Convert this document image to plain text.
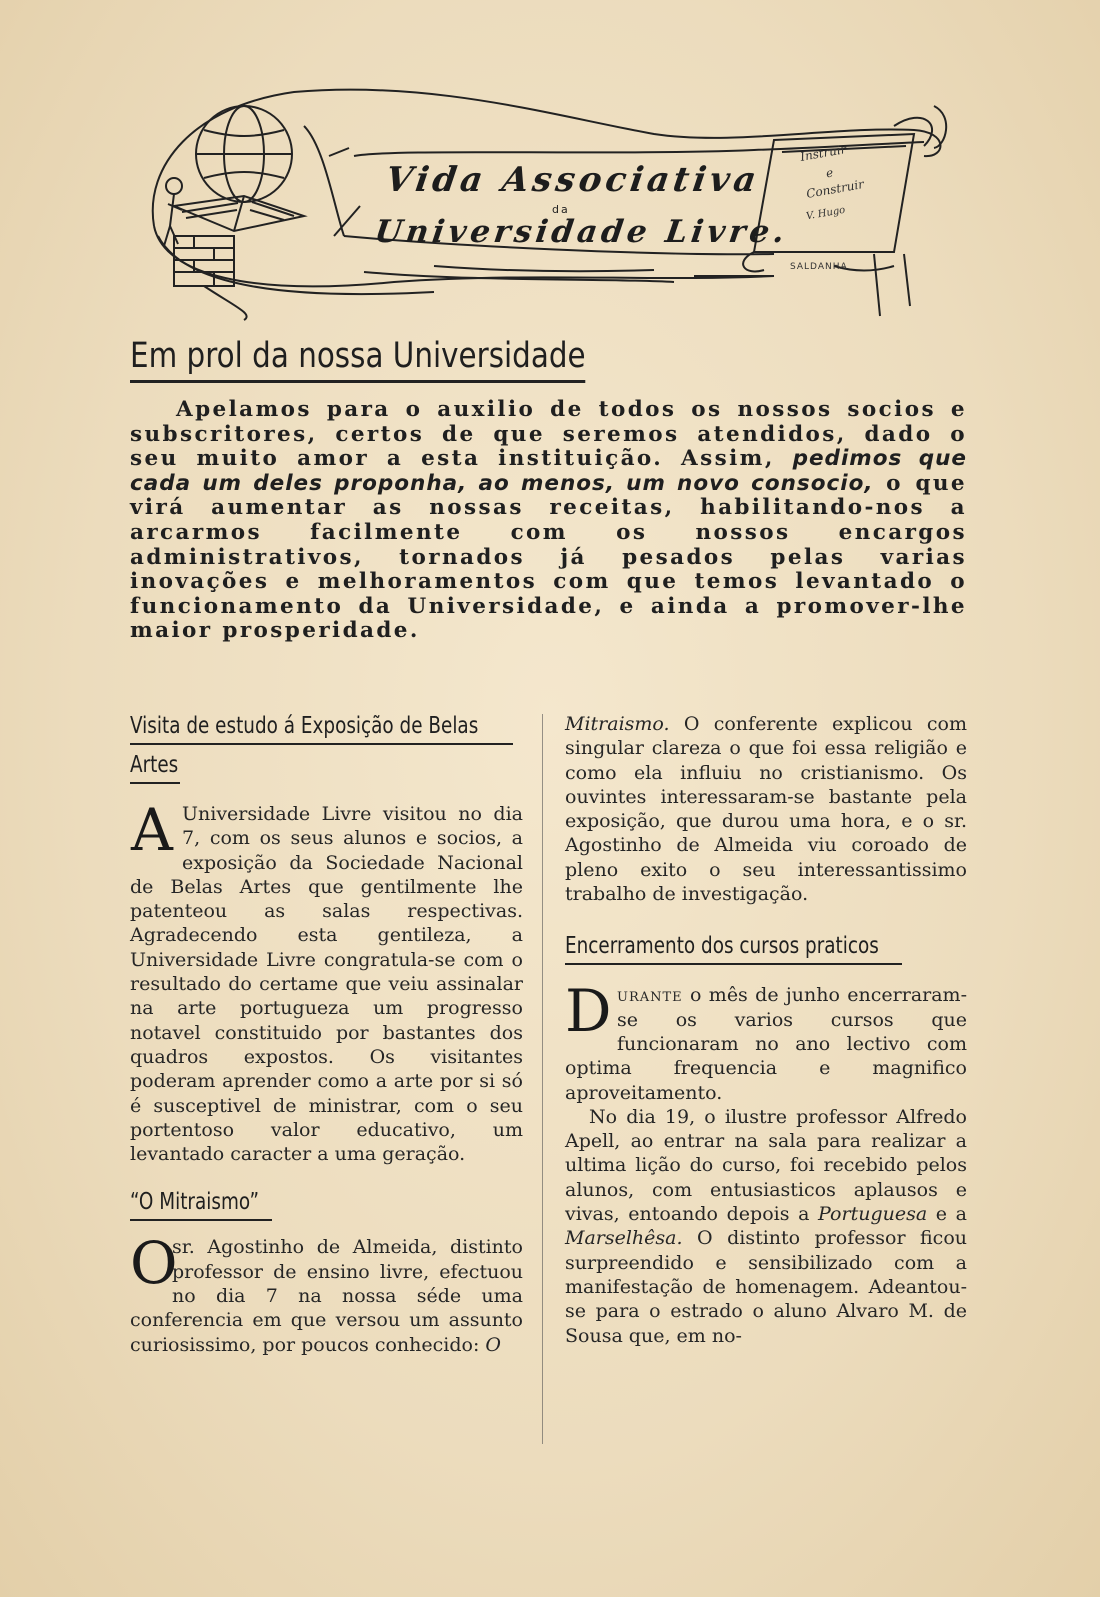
Vida Associativa
da
Universidade Livre.
Instruir
e
Construir
V. Hugo
SALDANHA
Em prol da nossa Universidade

Apelamos para o auxilio de todos os nossos socios e subscritores, certos de que seremos atendidos, dado o seu muito amor a esta instituição. Assim, pedimos que cada um deles proponha, ao menos, um novo consocio, o que virá aumentar as nossas receitas, habilitando-nos a arcarmos facilmente com os nossos encargos administrativos, tornados já pesados pelas varias inovações e melhoramentos com que temos levantado o funcionamento da Universidade, e ainda a promover-lhe maior prosperidade.

Visita de estudo á Exposição de Belas
Artes

A Universidade Livre visitou no dia 7, com os seus alunos e socios, a exposição da Sociedade Nacional de Belas Artes que gentilmente lhe patenteou as salas respectivas. Agradecendo esta gentileza, a Universidade Livre congratula-se com o resultado do certame que veiu assinalar na arte portugueza um progresso notavel constituido por bastantes dos quadros expostos. Os visitantes poderam aprender como a arte por si só é susceptivel de ministrar, com o seu portentoso valor educativo, um levantado caracter a uma geração.

“O Mitraismo”

O
sr. Agostinho de Almeida, distinto professor de ensino livre, efectuou no dia 7 na nossa séde uma conferencia em que versou um assunto curiosissimo, por poucos conhecido: O

Mitraismo. O conferente explicou com singular clareza o que foi essa religião e como ela influiu no cristianismo. Os ouvintes interessaram-se bastante pela exposição, que durou uma hora, e o sr. Agostinho de Almeida viu coroado de pleno exito o seu interessantissimo trabalho de investigação.

Encerramento dos cursos praticos

D urante o mês de junho encerraram-se os varios cursos que funcionaram no ano lectivo com optima frequencia e magnifico aproveitamento.

No dia 19, o ilustre professor Alfredo Apell, ao entrar na sala para realizar a ultima lição do curso, foi recebido pelos alunos, com entusiasticos aplausos e vivas, entoando depois a Portuguesa e a Marselhêsa. O distinto professor ficou surpreendido e sensibilizado com a manifestação de homenagem. Adeantou-se para o estrado o aluno Alvaro M. de Sousa que, em no-
